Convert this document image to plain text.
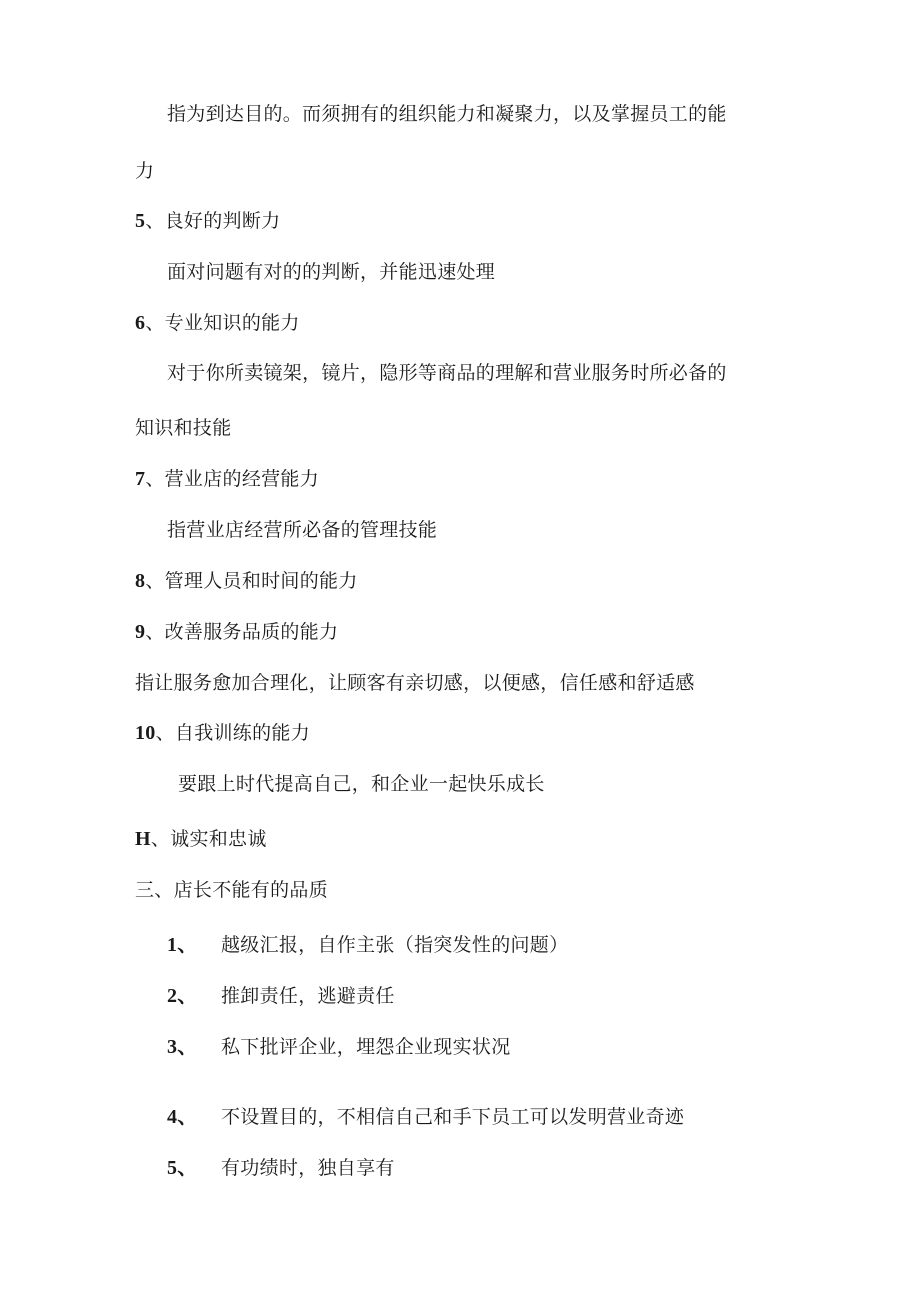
指为到达目的。而须拥有的组织能力和凝聚力，以及掌握员工的能
力
5、良好的判断力
面对问题有对的的判断，并能迅速处理
6、专业知识的能力
对于你所卖镜架，镜片，隐形等商品的理解和营业服务时所必备的
知识和技能
7、营业店的经营能力
指营业店经营所必备的管理技能
8、管理人员和时间的能力
9、改善服务品质的能力
指让服务愈加合理化，让顾客有亲切感，以便感，信任感和舒适感
10、自我训练的能力
要跟上时代提高自己，和企业一起快乐成长
H、诚实和忠诚
三、店长不能有的品质
1、 越级汇报，自作主张（指突发性的问题）
2、 推卸责任，逃避责任
3、 私下批评企业，埋怨企业现实状况
4、 不设置目的，不相信自己和手下员工可以发明营业奇迹
5、 有功绩时，独自享有
